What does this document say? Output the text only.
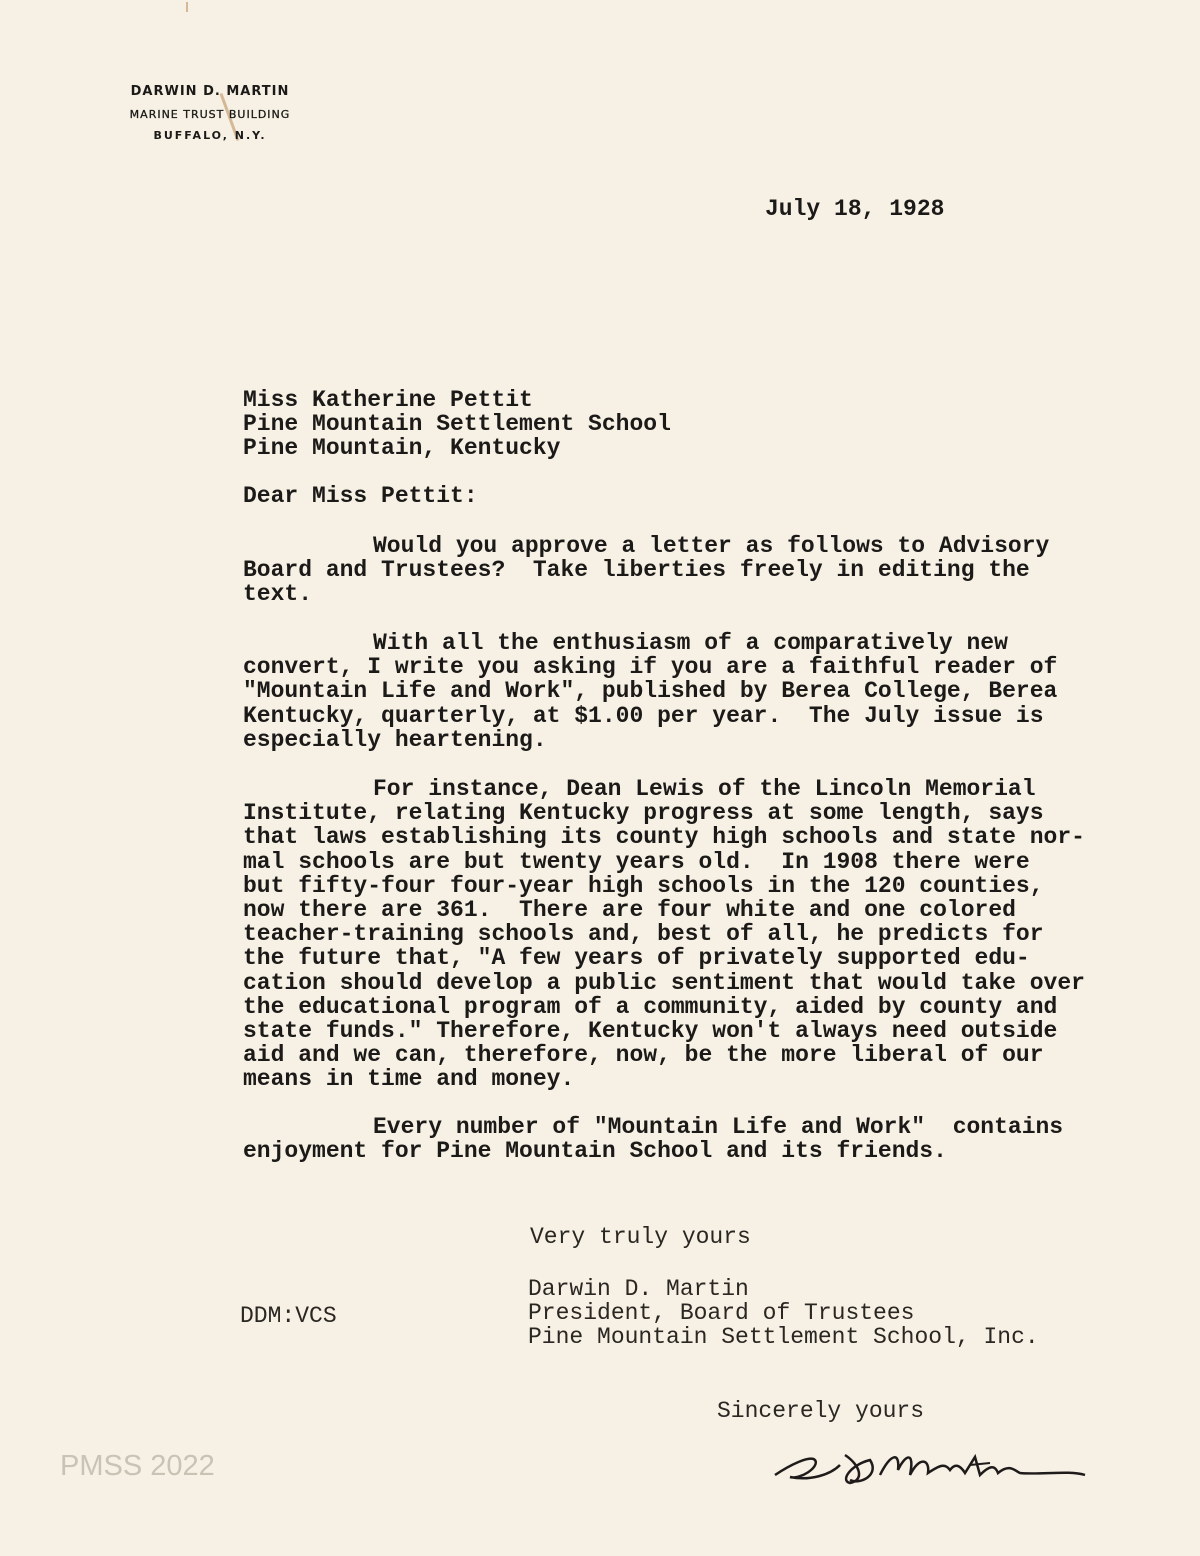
DARWIN D. MARTIN
MARINE TRUST BUILDING
BUFFALO, N.Y.
July 18, 1928
Miss Katherine Pettit
Pine Mountain Settlement School
Pine Mountain, Kentucky
Dear Miss Pettit:
Would you approve a letter as follows to Advisory
Board and Trustees?  Take liberties freely in editing the
text.
With all the enthusiasm of a comparatively new
convert, I write you asking if you are a faithful reader of
"Mountain Life and Work", published by Berea College, Berea
Kentucky, quarterly, at $1.00 per year.  The July issue is
especially heartening.
For instance, Dean Lewis of the Lincoln Memorial
Institute, relating Kentucky progress at some length, says
that laws establishing its county high schools and state nor-
mal schools are but twenty years old.  In 1908 there were
but fifty-four four-year high schools in the 120 counties,
now there are 361.  There are four white and one colored
teacher-training schools and, best of all, he predicts for
the future that, "A few years of privately supported edu-
cation should develop a public sentiment that would take over
the educational program of a community, aided by county and
state funds." Therefore, Kentucky won't always need outside
aid and we can, therefore, now, be the more liberal of our
means in time and money.
Every number of "Mountain Life and Work"  contains
enjoyment for Pine Mountain School and its friends.
Very truly yours
Darwin D. Martin
President, Board of Trustees
Pine Mountain Settlement School, Inc.
DDM:VCS
Sincerely yours
PMSS 2022
